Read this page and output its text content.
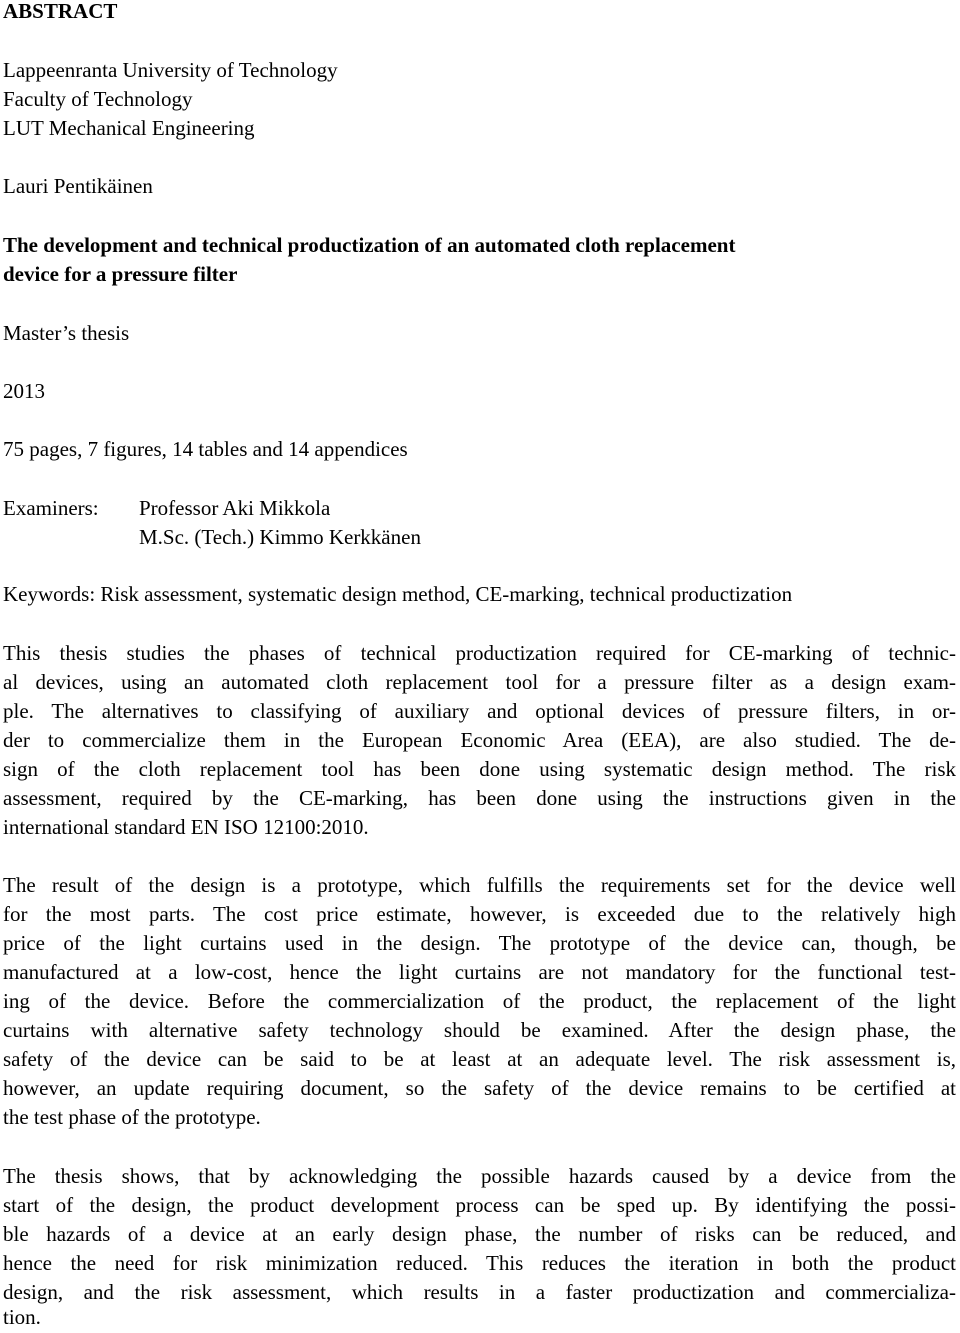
ABSTRACT
Lappeenranta University of Technology
Faculty of Technology
LUT Mechanical Engineering
Lauri Pentikäinen
The development and technical productization of an automated cloth replacement
device for a pressure filter
Master’s thesis
2013
75 pages, 7 figures, 14 tables and 14 appendices
Examiners: Professor Aki Mikkola
M.Sc. (Tech.) Kimmo Kerkkänen
Keywords: Risk assessment, systematic design method, CE-marking, technical productization
This thesis studies the phases of technical productization required for CE-marking of technic-
al devices, using an automated cloth replacement tool for a pressure filter as a design exam-
ple. The alternatives to classifying of auxiliary and optional devices of pressure filters, in or-
der to commercialize them in the European Economic Area (EEA), are also studied. The de-
sign of the cloth replacement tool has been done using systematic design method. The risk
assessment, required by the CE-marking, has been done using the instructions given in the
international standard EN ISO 12100:2010.
The result of the design is a prototype, which fulfills the requirements set for the device well
for the most parts. The cost price estimate, however, is exceeded due to the relatively high
price of the light curtains used in the design. The prototype of the device can, though, be
manufactured at a low-cost, hence the light curtains are not mandatory for the functional test-
ing of the device. Before the commercialization of the product, the replacement of the light
curtains with alternative safety technology should be examined. After the design phase, the
safety of the device can be said to be at least at an adequate level. The risk assessment is,
however, an update requiring document, so the safety of the device remains to be certified at
the test phase of the prototype.
The thesis shows, that by acknowledging the possible hazards caused by a device from the
start of the design, the product development process can be sped up. By identifying the possi-
ble hazards of a device at an early design phase, the number of risks can be reduced, and
hence the need for risk minimization reduced. This reduces the iteration in both the product
design, and the risk assessment, which results in a faster productization and commercializa-
tion.
